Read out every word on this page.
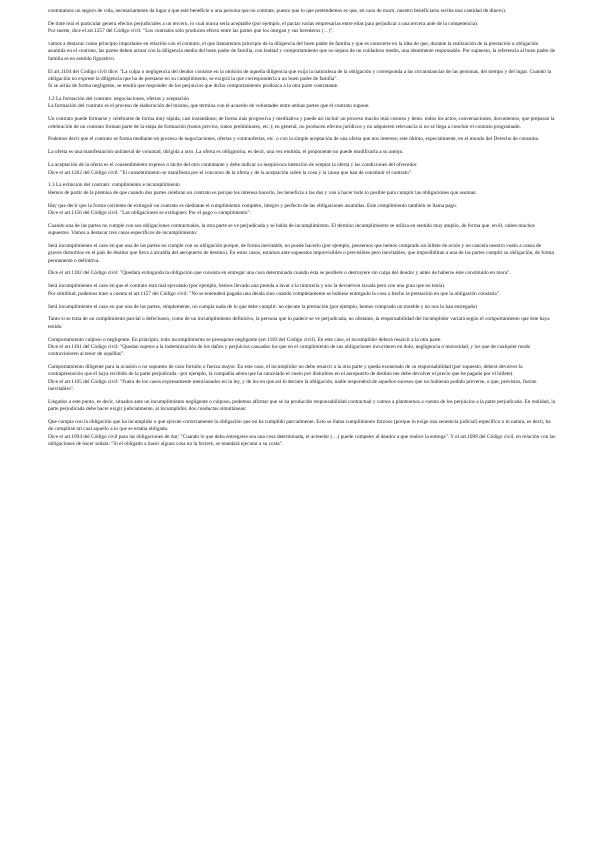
contratamos un seguro de vida, necesariamente da lugar a que esté beneficie a una persona que no contrate, puesto que lo que pretendemos es que, en caso de morir, nuestro beneficiario reciba una cantidad de dinero).

De tinte real el particular genera efectos perjudiciales a un tercero, lo cual nunca sería aceptable (por ejemplo, el pactar varias empresarias entre ellas para perjudicar a una tercera ante de la competencia).
Por suerte, dice el art.1257 del Código civil: "Los contratos sólo producen efecto entre las partes que los otorgan y sus herederos (…)".

vamos a destacar como principio importante en relación con el contrato, el que llamaremos principio de la diligencia del buen padre de familia y que es conocerte en la idea de que, durante la realización de la prestación u obligación asumida en el contrato, las partes deben actuar con la diligencia media del buen padre de familia, con lealtad y comportamiento que no separa de un cuidadoso medio, una idealmente responsable. Por supuesto, la referencia al buen padre de familia es en sentido figurativo.

El art.1104 del Código civil dice: "La culpa o negligencia del deudor consiste en la omisión de aquella diligencia que exija la naturaleza de la obligación y corresponda a las circunstancias de las personas, del tiempo y del lugar. Cuando la obligación no exprese la diligencia que ha de prestarse en su cumplimiento, se exigirá la que correspondería a un buen padre de familia".
Si se actúa de forma negligente, se tendrá que responder de los perjuicios que dicho comportamiento produzca a la otra parte contratante.
1.2 La formación del contrato: negociaciones, ofertas y aceptación
La formación del contrato es el proceso de elaboración del mismo, que termina con el acuerdo de voluntades entre ambas partes que el contrato supone.

Un contrato puede formarse y celebrarse de forma muy rápida, casi instantánea; de forma más progresiva y meditativa y puede así incluir un proceso mucho más costoso y lento. todos los actos, conversaciones, documentos, que preparan la celebración de un contrato forman parte de la etapa de formación (tratos previos, tratos preliminares, etc.); en general, no producen efectos jurídicos y no adquieren relevancia si no se llega a concluir el contrato programado.

Podemos decir que el contrato se forma mediante un proceso de negociaciones, ofertas y contraofertas, etc. o con la simple aceptación de una oferta que nos interese; este último, especialmente, en el mundo del Derecho de consumo.

La oferta es una manifestación unilateral de voluntad, dirigida a otro. La oferta es obligatoria, es decir, una vez emitida, el proponente no puede modificarla a su antojo.

La aceptación de la oferta es el consentimiento expreso o tácito del otro contratante y debe indicar su inequívoca intención de aceptar la oferta y las condiciones del ofrecedor.
Dice el art.1262 del Código civil: "El consentimiento se manifiesta por el concurso de la oferta y de la aceptación sobre la cosa y la causa que han de constituir el contrato".
1.3 La extinción del contrato: cumplimiento e incumplimiento
Hemos de partir de la premisa de que cuando dos partes celebran un contrato es porque les interesa hacerlo, les beneficia a las dos y van a hacer todo lo posible para cumplir las obligaciones que asuman.
Hay que decir que la forma corriente de extinguir un contrato es mediante el cumplimiento completo, íntegro y perfecto de las obligaciones asumidas. Este cumplimiento también se llama pago.
Dice el art.1156 del Código civil: "Las obligaciones se extinguen: Por el pago o cumplimiento".

Cuando una de las partes no cumple con sus obligaciones contractuales, la otra parte se ve perjudicada y se habla de incumplimiento. El término incumplimiento se utiliza en sentido muy amplio, de forma que, en él, caben muchos supuestos. Vamos a destacar tres casos específicos de incumplimiento:

Será incumplimiento el caso en que una de las partes no cumple con su obligación porque, de forma inevitable, no puede hacerlo (por ejemplo, pensemos que hemos comprado un billete de avión y no cancela nuestro vuelo a causa de graves disturbios en el país de destino que lleva a alcaldía del aeropuerto de destino). En estos casos, estamos ante supuestos imprevisibles o previsibles pero inevitables, que imposibilitan a una de las partes cumplir su obligación, de forma permanente o definitiva.

Dice el art.1182 del Código civil: "Quedará extinguida la obligación que consista en entregar una cosa determinada cuando ésta se perdiere o destruyere sin culpa del deudor y antes de haberse éste constituido en mora".

Será incumplimiento el caso en que el contrato está mal ejecutado (por ejemplo, hemos llevado una prenda a lavar a la tintorería y nos la devuelven lavada pero con una gran que no tenía).
Por similitud, podemos traer a cuenta el art.1157 del Código civil: "No se entenderá pagada una deuda sino cuando completamente se hubiese entregado la cosa o hecho la prestación en que la obligación consistía".

Será incumplimiento el caso en que una de las partes, simplemente, no cumpla nada de lo que debe cumplir: no ejecute la prestación (por ejemplo, hemos comprado un mueble y no nos lo han entregado)

Tanto si se trata de un cumplimiento parcial o defectuoso, como de un incumplimiento definitivo, la persona que lo padece se ve perjudicada, no obstante, la responsabilidad del incumplidor variará según el comportamiento que éste haya tenido:

Comportamiento culposo o negligente. En principio, todo incumplimiento se presupone negligente (art.1183 del Código civil). En este caso, el incumplidor deberá resarcir a la otra parte.
Dice el art.1101 del Código civil: "Quedan sujetos a la indemnización de los daños y perjuicios causados los que en el cumplimiento de sus obligaciones incurrieren en dolo, negligencia o morosidad, y los que de cualquier modo contravinieren al tenor de aquéllas".
Comportamiento diligente para la ocasión o no supuesto de caso fortuito o fuerza mayor. En este caso, el incumplidor no debe resarcir a la otra parte y queda exonerado de su responsabilidad (por supuesto, deberá devolver la contraprestación que él haya recibido de la parte perjudicada –por ejemplo, la compañía aérea que ha cancelado el vuelo por disturbios en el aeropuerto de destino me debe devolver el precio que he pagado por el billete).
Dice el art.1105 del Código civil: "Fuera de los casos expresamente mencionados en la ley, y de los en que así lo declare la obligación, nadie responderá de aquellos sucesos que no hubieran podido preverse, o que, previstos, fueran inevitables".

Llegados a este punto, es decir, situados ante un incumplimiento negligente o culposo, podemos afirmar que se ha producido responsabilidad contractual y vamos a plantearnos a cuenta de los perjuicios a la parte perjudicada. En realidad, la parte perjudicada debe hacer exigir judicialmente, al incumplidor, dos conductas simultáneas:

Que cumpla con la obligación que ha incumplido o que ejecute correctamente la obligación que no ha cumplido parcialmente. Esto se llama cumplimiento forzoso (porque lo exige una sentencia judicial) específico o in natura, es decir, ha de cumplirse tal cual aquello a lo que se estaba obligado.
Dice el art.1094 del Código civil para las obligaciones de dar: "Cuando lo que deba entregarse sea una cosa determinada, el acreedor (…) puede compeler al deudor a que realice la entrega". Y el art.1098 del Código civil, en relación con las obligaciones de hacer señala: "Si el obligado a hacer alguna cosa no la hiciere, se mandará ejecutar a su costa".
